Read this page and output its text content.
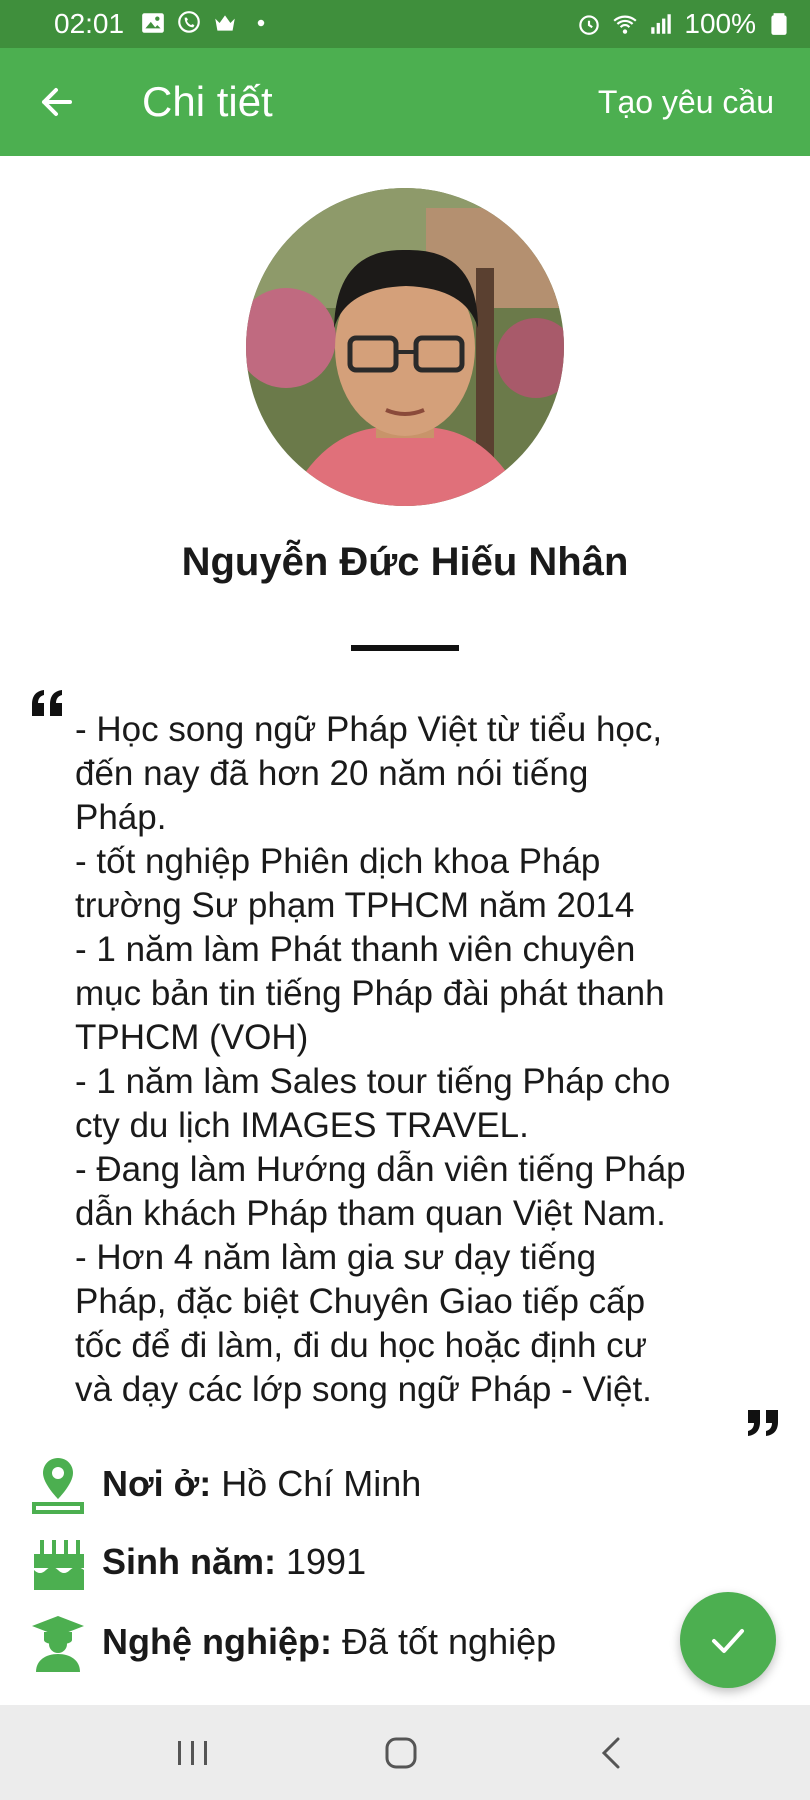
02:01	100%
Chi tiết	Tạo yêu cầu
Nguyễn Đức Hiếu Nhân
- Học song ngữ Pháp Việt từ tiểu học,
đến nay đã hơn 20 năm nói tiếng
Pháp.
- tốt nghiệp Phiên dịch khoa Pháp
trường Sư phạm TPHCM năm 2014
- 1 năm làm Phát thanh viên chuyên
mục bản tin tiếng Pháp đài phát thanh
TPHCM (VOH)
- 1 năm làm Sales tour tiếng Pháp cho
cty du lịch IMAGES TRAVEL.
- Đang làm Hướng dẫn viên tiếng Pháp
dẫn khách Pháp tham quan Việt Nam.
- Hơn 4 năm làm gia sư dạy tiếng
Pháp, đặc biệt Chuyên Giao tiếp cấp
tốc để đi làm, đi du học hoặc định cư
và dạy các lớp song ngữ Pháp - Việt.
Nơi ở: Hồ Chí Minh
Sinh năm: 1991
Nghệ nghiệp: Đã tốt nghiệp
